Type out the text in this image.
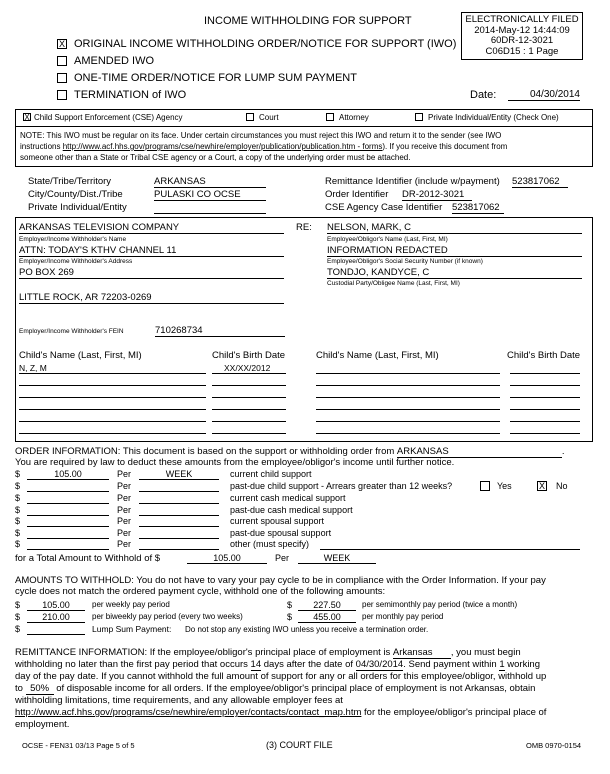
INCOME WITHHOLDING FOR SUPPORT	ELECTRONICALLY FILED
2014-May-12 14:44:09
60DR-12-3021
C06D15 : 1 Page
X ORIGINAL INCOME WITHHOLDING ORDER/NOTICE FOR SUPPORT (IWO)
AMENDED IWO
ONE-TIME ORDER/NOTICE FOR LUMP SUM PAYMENT
TERMINATION of IWO	Date:	04/30/2014
X Child Support Enforcement (CSE) Agency	Court	Attorney	Private Individual/Entity (Check One)
NOTE: This IWO must be regular on its face. Under certain circumstances you must reject this IWO and return it to the sender (see IWO
instructions http://www.acf.hhs.gov/programs/cse/newhire/employer/publication/publication.htm - forms). If you receive this document from
someone other than a State or Tribal CSE agency or a Court, a copy of the underlying order must be attached.
State/Tribe/Territory	ARKANSAS
City/County/Dist./Tribe	PULASKI CO OCSE
Private Individual/Entity
Remittance Identifier (include w/payment) 523817062
Order Identifier DR-2012-3021
CSE Agency Case Identifier 523817062
ARKANSAS TELEVISION COMPANY
Employer/Income Withholder's Name
ATTN: TODAY'S KTHV CHANNEL 11
Employer/Income Withholder's Address
PO BOX 269
LITTLE ROCK, AR 72203-0269
Employer/Income Withholder's FEIN	710268734
RE: NELSON, MARK, C
Employee/Obligor's Name (Last, First, MI)
INFORMATION REDACTED
Employee/Obligor's Social Security Number (if known)
TONDJO, KANDYCE, C
Custodial Party/Obligee Name (Last, First, MI)
Child's Name (Last, First, MI)	Child's Birth Date	Child's Name (Last, First, MI)	Child's Birth Date
N, Z, M	XX/XX/2012
ORDER INFORMATION: This document is based on the support or withholding order from ARKANSAS	.
You are required by law to deduct these amounts from the employee/obligor's income until further notice.
$	105.00	Per	WEEK	current child support
$	Per	past-due child support - Arrears greater than 12 weeks?	Yes	X No
$	Per	current cash medical support
$	Per	past-due cash medical support
$	Per	current spousal support
$	Per	past-due spousal support
$	Per	other (must specify)
for a Total Amount to Withhold of $	105.00	Per	WEEK
AMOUNTS TO WITHHOLD: You do not have to vary your pay cycle to be in compliance with the Order Information. If your pay
cycle does not match the ordered payment cycle, withhold one of the following amounts:
$	105.00	per weekly pay period
$	210.00	per biweekly pay period (every two weeks)
$	Lump Sum Payment: Do not stop any existing IWO unless you receive a termination order.
$	227.50	per semimonthly pay period (twice a month)
$	455.00	per monthly pay period
REMITTANCE INFORMATION: If the employee/obligor's principal place of employment is Arkansas , you must begin
withholding no later than the first pay period that occurs 14 days after the date of 04/30/2014. Send payment within 1 working
day of the pay date. If you cannot withhold the full amount of support for any or all orders for this employee/obligor, withhold up
to 50% of disposable income for all orders. If the employee/obligor's principal place of employment is not Arkansas, obtain
withholding limitations, time requirements, and any allowable employer fees at
http://www.acf.hhs.gov/programs/cse/newhire/employer/contacts/contact_map.htm for the employee/obligor's principal place of
employment.
OCSE - FEN31 03/13 Page 5 of 5	(3) COURT FILE	OMB 0970-0154
